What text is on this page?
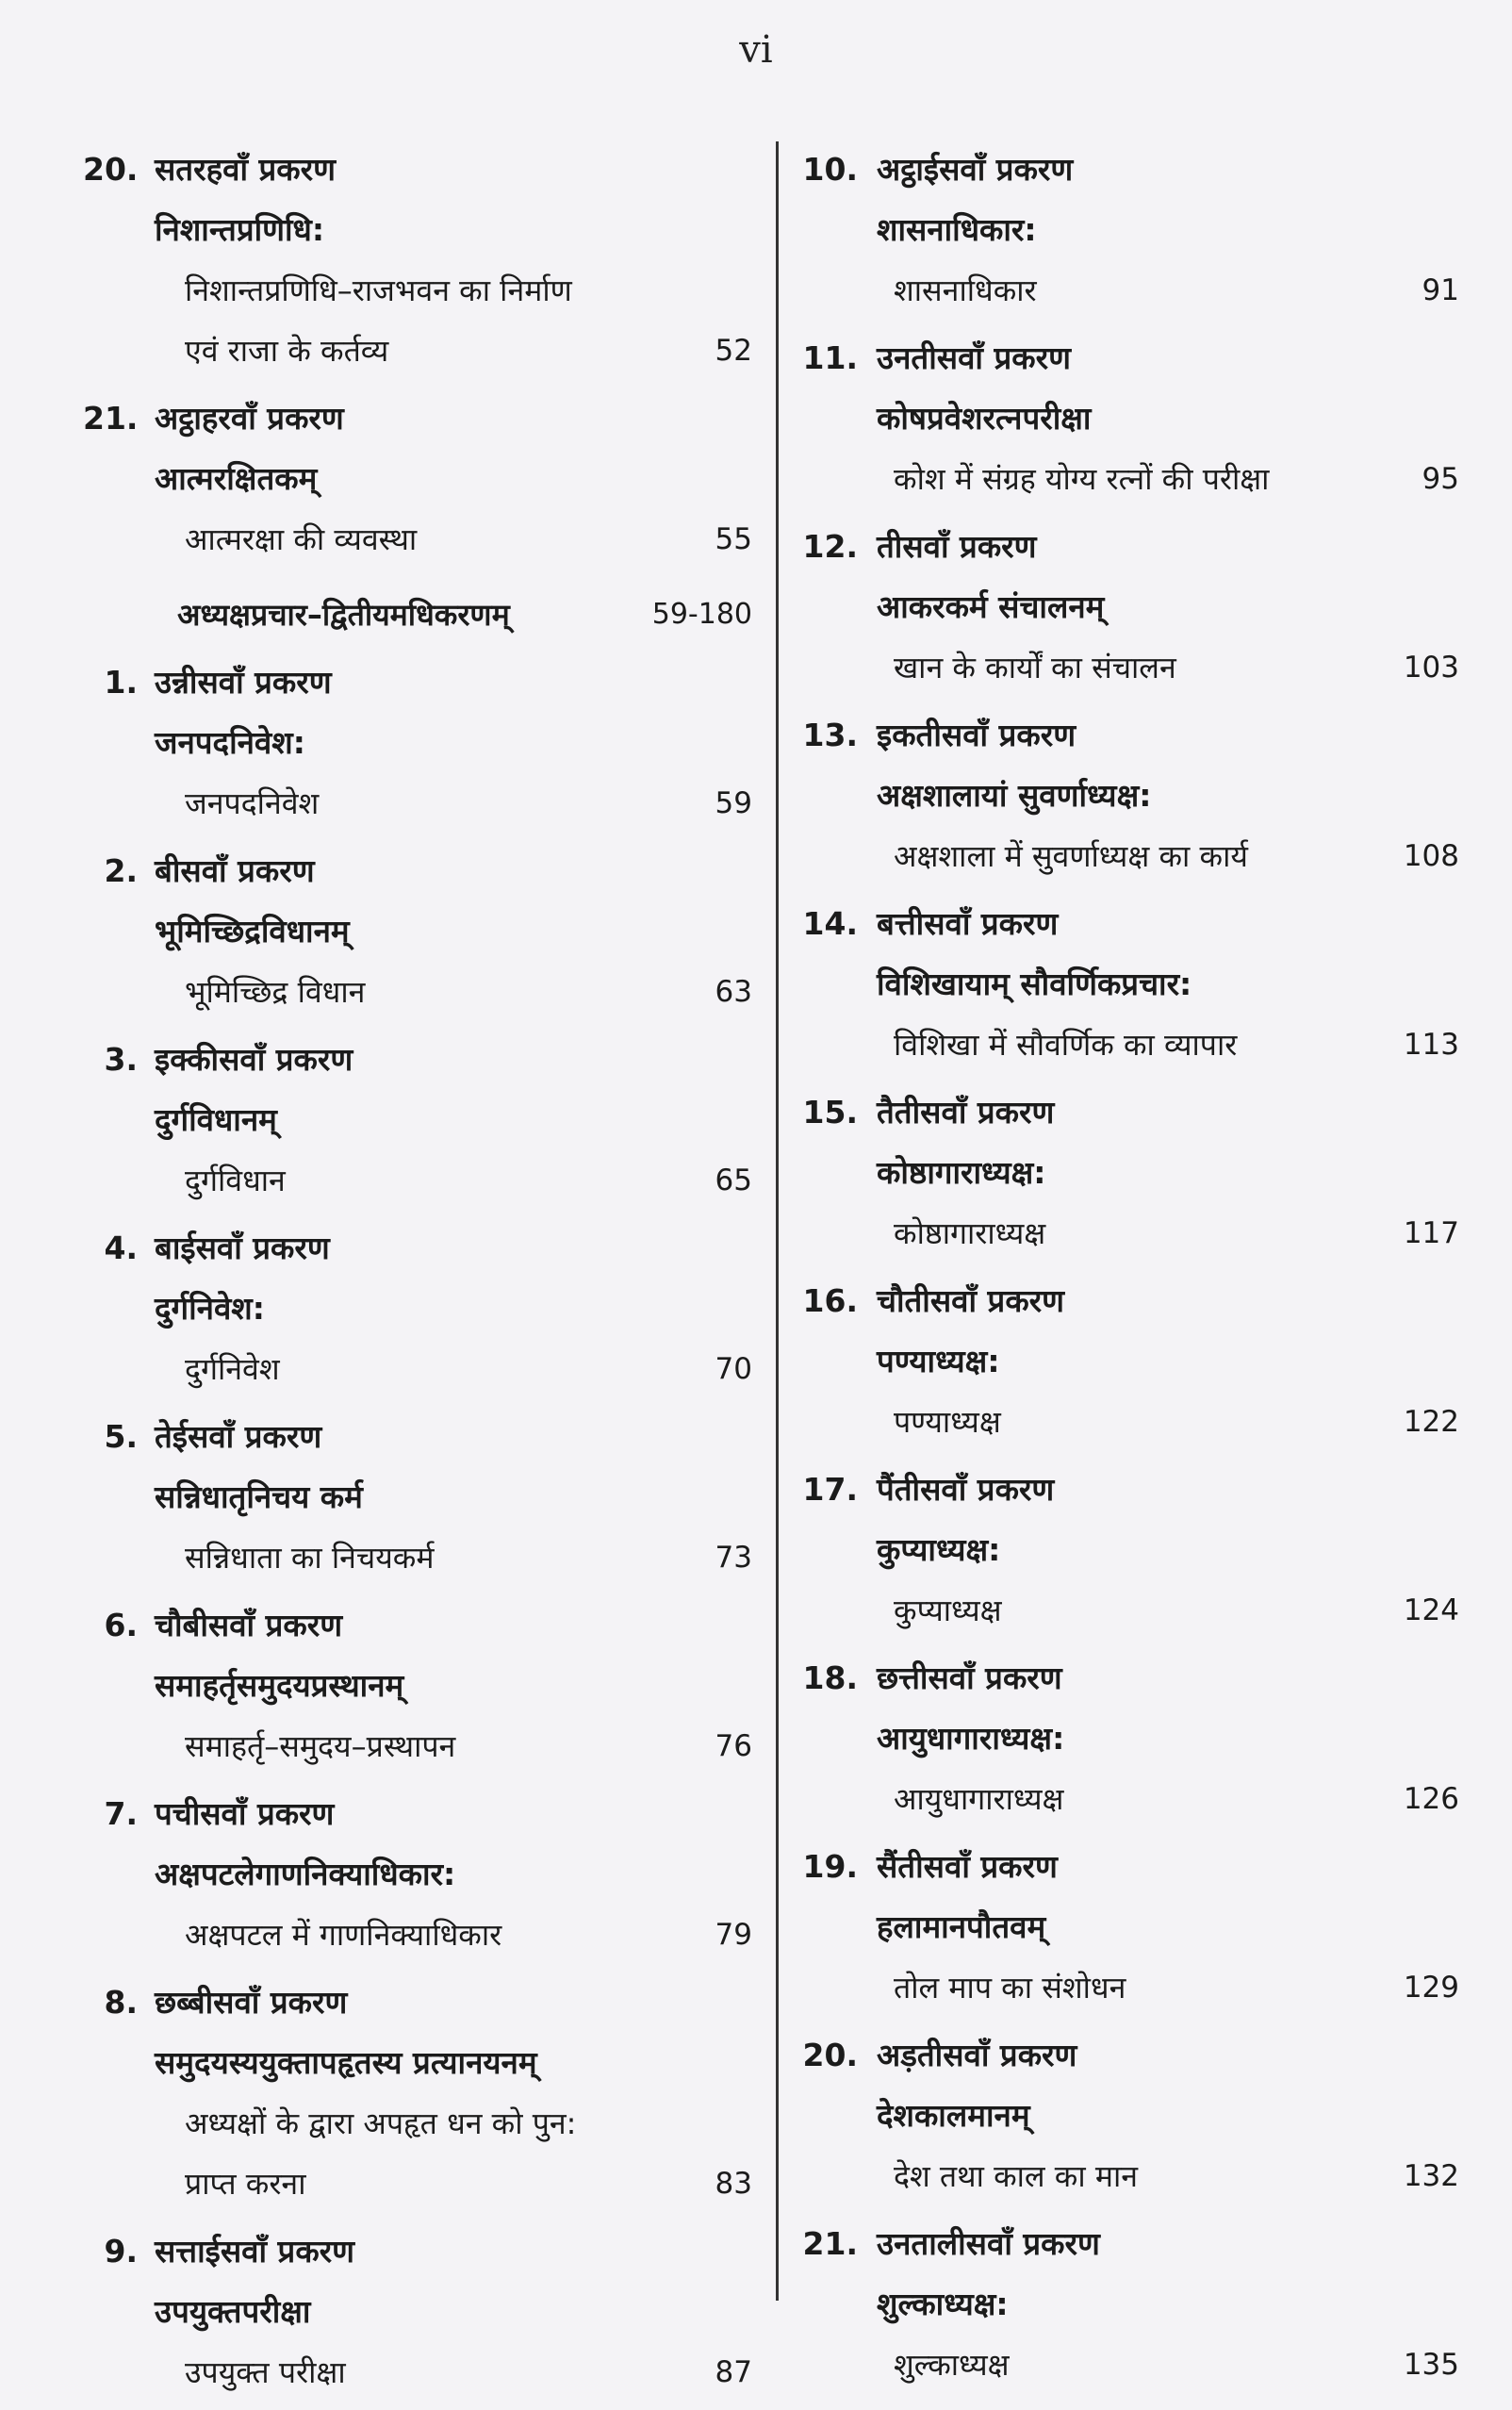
vi
20. सतरहवाँ प्रकरण
निशान्तप्रणिधि:
निशान्तप्रणिधि–राजभवन का निर्माण
एवं राजा के कर्तव्य	52
21. अट्ठाहरवाँ प्रकरण
आत्मरक्षितकम्
आत्मरक्षा की व्यवस्था	55
अध्यक्षप्रचार–द्वितीयमधिकरणम्	59-180
1. उन्नीसवाँ प्रकरण
जनपदनिवेश:
जनपदनिवेश	59
2. बीसवाँ प्रकरण
भूमिच्छिद्रविधानम्
भूमिच्छिद्र विधान	63
3. इक्कीसवाँ प्रकरण
दुर्गविधानम्
दुर्गविधान	65
4. बाईसवाँ प्रकरण
दुर्गनिवेश:
दुर्गनिवेश	70
5. तेईसवाँ प्रकरण
सन्निधातृनिचय कर्म
सन्निधाता का निचयकर्म	73
6. चौबीसवाँ प्रकरण
समाहर्तृसमुदयप्रस्थानम्
समाहर्तृ–समुदय–प्रस्थापन	76
7. पचीसवाँ प्रकरण
अक्षपटलेगाणनिक्याधिकार:
अक्षपटल में गाणनिक्याधिकार	79
8. छब्बीसवाँ प्रकरण
समुदयस्ययुक्तापहृतस्य प्रत्यानयनम्
अध्यक्षों के द्वारा अपहृत धन को पुन:
प्राप्त करना	83
9. सत्ताईसवाँ प्रकरण
उपयुक्तपरीक्षा
उपयुक्त परीक्षा	87
10. अट्ठाईसवाँ प्रकरण
शासनाधिकार:
शासनाधिकार	91
11. उनतीसवाँ प्रकरण
कोषप्रवेशरत्नपरीक्षा
कोश में संग्रह योग्य रत्नों की परीक्षा	95
12. तीसवाँ प्रकरण
आकरकर्म संचालनम्
खान के कार्यों का संचालन	103
13. इकतीसवाँ प्रकरण
अक्षशालायां सुवर्णाध्यक्ष:
अक्षशाला में सुवर्णाध्यक्ष का कार्य	108
14. बत्तीसवाँ प्रकरण
विशिखायाम् सौवर्णिकप्रचार:
विशिखा में सौवर्णिक का व्यापार	113
15. तैतीसवाँ प्रकरण
कोष्ठागाराध्यक्ष:
कोष्ठागाराध्यक्ष	117
16. चौतीसवाँ प्रकरण
पण्याध्यक्ष:
पण्याध्यक्ष	122
17. पैंतीसवाँ प्रकरण
कुप्याध्यक्ष:
कुप्याध्यक्ष	124
18. छत्तीसवाँ प्रकरण
आयुधागाराध्यक्ष:
आयुधागाराध्यक्ष	126
19. सैंतीसवाँ प्रकरण
हलामानपौतवम्
तोल माप का संशोधन	129
20. अड़तीसवाँ प्रकरण
देशकालमानम्
देश तथा काल का मान	132
21. उनतालीसवाँ प्रकरण
शुल्काध्यक्ष:
शुल्काध्यक्ष	135
